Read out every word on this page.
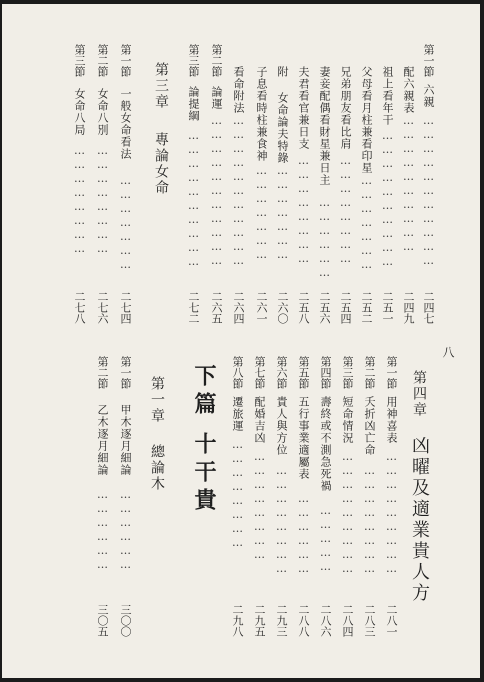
八
第一節
六親
……………………………
二四七
配六親表
…………………………
二四九
祖上看年干
…………………………
二五一
父母看月柱兼看印星
…………………
二五二
兄弟朋友看比肩
……………………
二五四
妻妾配偶看財星兼日主
………………
二五六
夫君看官兼日支
……………………
二五八
附 女命論夫特錄
…………………
二六〇
子息看時柱兼食神
…………………
二六一
看命附法
……………………………
二六四
第二節
論運
……………………………
二六五
第三節
論提綱
…………………………
二七二
第三章
專論女命
第一節
一般女命看法
…………………
二七四
第二節
女命八別
……………………
二七六
第三節
女命八局
……………………
二七八
第四章
凶曜及適業貴人方
第一節
用神喜表
………………………
二八一
第二節
夭折凶亡命
……………………
二八三
第三節
短命情況
………………………
二八四
第四節
壽終或不測急死禍
……………
二八六
第五節
五行事業適屬表
………………
二八八
第六節
貴人與方位
……………………
二九三
第七節
配婚吉凶
……………………
二九五
第八節
遷旅運
……………………
二九八
下篇
十干貴
第一章
總論木
第一節
甲木逐月細論
………………
三〇〇
第二節
乙木逐月細論
………………
三〇五
